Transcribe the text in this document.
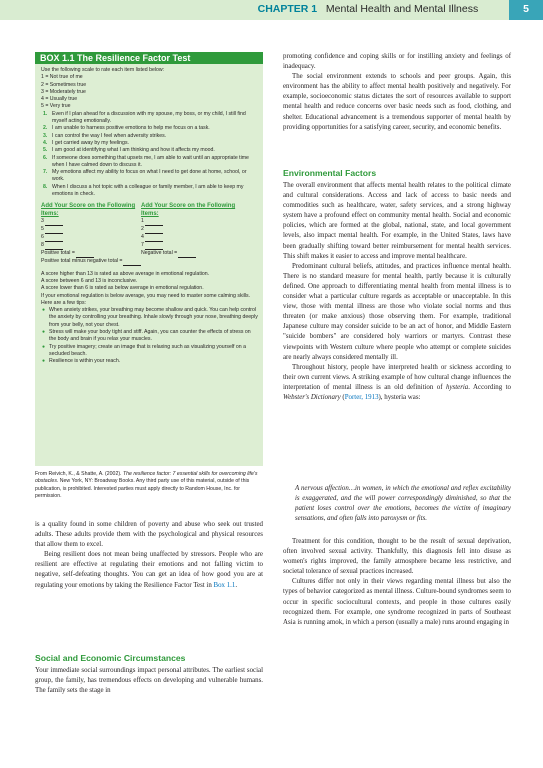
CHAPTER 1 Mental Health and Mental Illness	5
BOX 1.1 The Resilience Factor Test

Use the following scale to rate each item listed below:

1 = Not true of me

2 = Sometimes true

3 = Moderately true

4 = Usually true

5 = Very true

1. Even if I plan ahead for a discussion with my spouse, my boss, or my child, I still find myself acting emotionally.
2. I am unable to harness positive emotions to help me focus on a task.
3. I can control the way I feel when adversity strikes.
4. I get carried away by my feelings.
5. I am good at identifying what I am thinking and how it affects my mood.
6. If someone does something that upsets me, I am able to wait until an appropriate time when I have calmed down to discuss it.
7. My emotions affect my ability to focus on what I need to get done at home, school, or work.
8. When I discuss a hot topic with a colleague or family member, I am able to keep my emotions in check.
Add Your Score on the Following Items:
3
5
6
8
Positive total =
Add Your Score on the Following Items:
1
2
4
7
Negative total =

Positive total minus negative total =

A score higher than 13 is rated as above average in emotional regulation.

A score between 6 and 13 is inconclusive.

A score lower than 6 is rated as below average in emotional regulation.

If your emotional regulation is below average, you may need to master some calming skills. Here are a few tips:

● When anxiety strikes, your breathing may become shallow and quick. You can help control the anxiety by controlling your breathing. Inhale slowly through your nose, breathing deeply from your belly, not your chest.
● Stress will make your body tight and stiff. Again, you can counter the effects of stress on the body and brain if you relax your muscles.
● Try positive imagery; create an image that is relaxing such as visualizing yourself on a secluded beach.
● Resilience is within your reach.
From Reivich, K., & Shatte, A. (2002). The resilience factor: 7 essential skills for overcoming life's obstacles. New York, NY: Broadway Books. Any third party use of this material, outside of this publication, is prohibited. Interested parties must apply directly to Random House, Inc. for permission.

is a quality found in some children of poverty and abuse who seek out trusted adults. These adults provide them with the psychological and physical resources that allow them to excel.

Being resilient does not mean being unaffected by stressors. People who are resilient are effective at regulating their emotions and not falling victim to negative, self-defeating thoughts. You can get an idea of how good you are at regulating your emotions by taking the Resilience Factor Test in Box 1.1.

Social and Economic Circumstances

Your immediate social surroundings impact personal attributes. The earliest social group, the family, has tremendous effects on developing and vulnerable humans. The family sets the stage in

promoting confidence and coping skills or for instilling anxiety and feelings of inadequacy.

The social environment extends to schools and peer groups. Again, this environment has the ability to affect mental health positively and negatively. For example, socioeconomic status dictates the sort of resources available to support mental health and reduce concerns over basic needs such as food, clothing, and shelter. Educational advancement is a tremendous supporter of mental health by providing opportunities for a satisfying career, security, and economic benefits.

Environmental Factors

The overall environment that affects mental health relates to the political climate and cultural considerations. Access and lack of access to basic needs and commodities such as healthcare, water, safety services, and a strong highway system have a profound effect on community mental health. Social and economic policies, which are formed at the global, national, state, and local government levels, also impact mental health. For example, in the United States, laws have been gradually shifting toward better reimbursement for mental health services. This shift makes it easier to access and improve mental healthcare.

Predominant cultural beliefs, attitudes, and practices influence mental health. There is no standard measure for mental health, partly because it is culturally defined. One approach to differentiating mental health from mental illness is to consider what a particular culture regards as acceptable or unacceptable. In this view, those with mental illness are those who violate social norms and thus threaten (or make anxious) those observing them. For example, traditional Japanese culture may consider suicide to be an act of honor, and Middle Eastern "suicide bombers" are considered holy warriors or martyrs. Contrast these viewpoints with Western culture where people who attempt or complete suicides are nearly always considered mentally ill.

Throughout history, people have interpreted health or sickness according to their own current views. A striking example of how cultural change influences the interpretation of mental illness is an old definition of hysteria. According to Webster's Dictionary (Porter, 1913), hysteria was:

A nervous affection…in women, in which the emotional and reflex excitability is exaggerated, and the will power correspondingly diminished, so that the patient loses control over the emotions, becomes the victim of imaginary sensations, and often falls into paroxysm or fits.

Treatment for this condition, thought to be the result of sexual deprivation, often involved sexual activity. Thankfully, this diagnosis fell into disuse as women's rights improved, the family atmosphere became less restrictive, and societal tolerance of sexual practices increased.

Cultures differ not only in their views regarding mental illness but also the types of behavior categorized as mental illness. Culture-bound syndromes seem to occur in specific sociocultural contexts, and people in those cultures easily recognized them. For example, one syndrome recognized in parts of Southeast Asia is running amok, in which a person (usually a male) runs around engaging in
